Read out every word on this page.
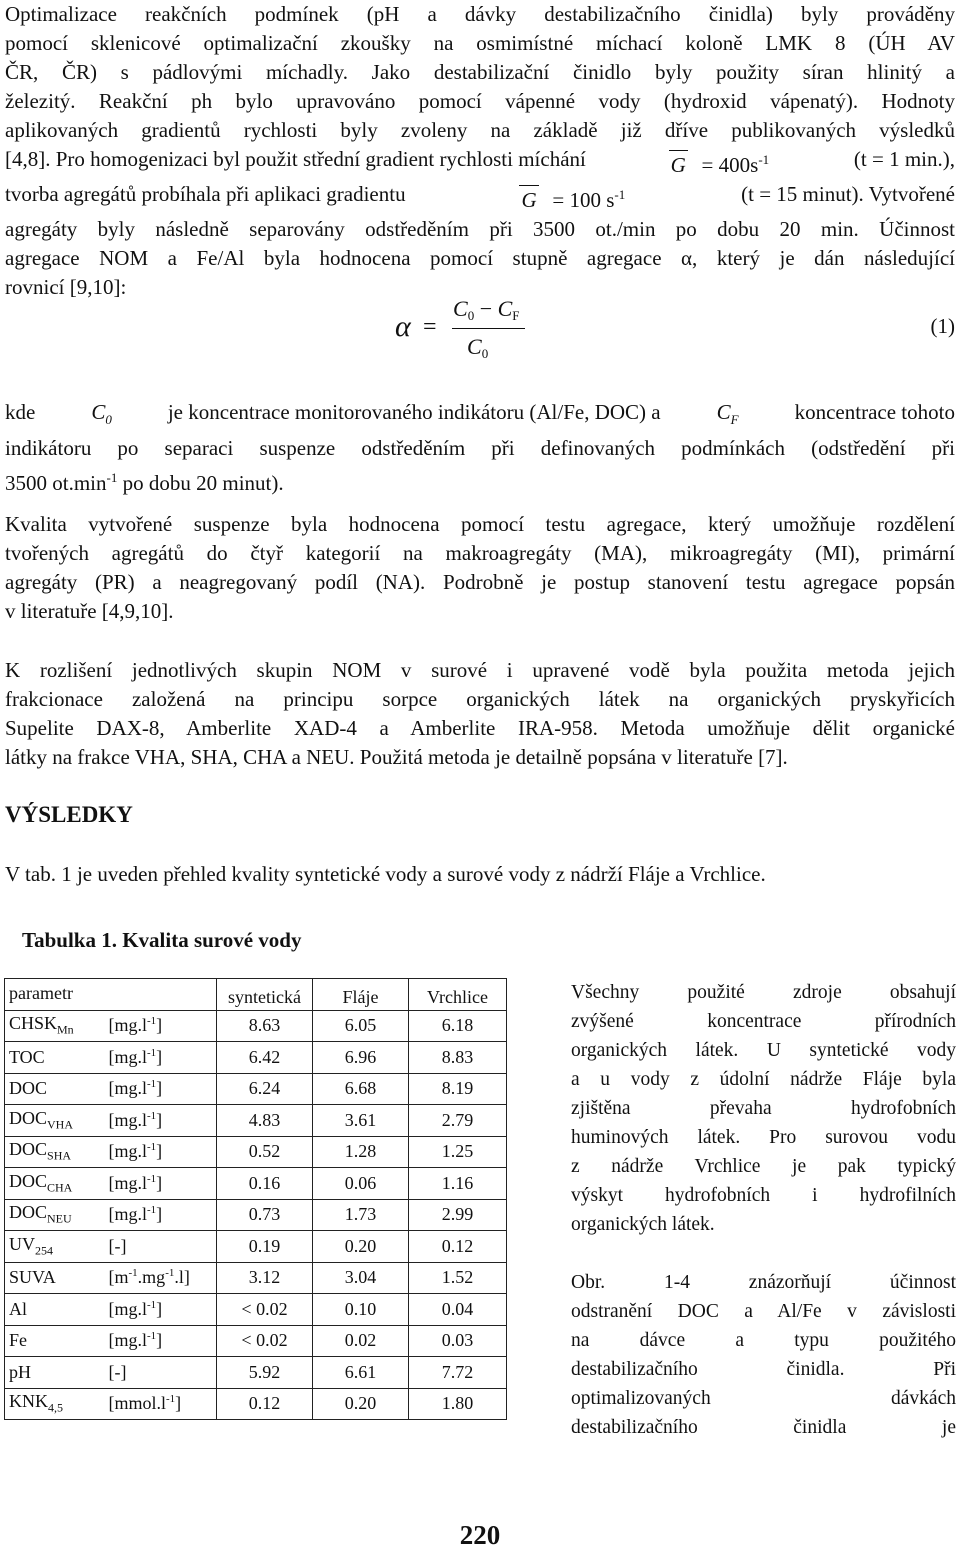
Optimalizace reakčních podmínek (pH a dávky destabilizačního činidla) byly prováděny
pomocí sklenicové optimalizační zkoušky na osmimístné míchací koloně LMK 8 (ÚH AV
ČR, ČR) s pádlovými míchadly. Jako destabilizační činidlo byly použity síran hlinitý a
železitý. Reakční ph bylo upravováno pomocí vápenné vody (hydroxid vápenatý). Hodnoty
aplikovaných gradientů rychlosti byly zvoleny na základě již dříve publikovaných výsledků
[4,8]. Pro homogenizaci byl použit střední gradient rychlosti míchání	$G = 400s^{-1}$	(t = 1 min.),
tvorba agregátů probíhala při aplikaci gradientu	G = 100 $s^{-1}$	(t = 15 minut). Vytvořené
agregáty byly následně separovány odstředěním při 3500 ot./min po dobu 20 min. Účinnost
agregace NOM a Fe/Al byla hodnocena pomocí stupně agregace α, který je dán následující
rovnicí [9,10]:
α =
$C_0 - C_F$
$C_0$
(1)
kde	$C_0$	je koncentrace monitorovaného indikátoru (Al/Fe, DOC) a	$C_F$	koncentrace tohoto
indikátoru po separaci suspenze odstředěním při definovaných podmínkách (odstředění při
3500 $ot.\min^{-1}$ po dobu 20 minut).
Kvalita vytvořené suspenze byla hodnocena pomocí testu agregace, který umožňuje rozdělení
tvořených agregátů do čtyř kategorií na makroagregáty (MA), mikroagregáty (MI), primární
agregáty (PR) a neagregovaný podíl (NA). Podrobně je postup stanovení testu agregace popsán
v literatuře [4,9,10].
K rozlišení jednotlivých skupin NOM v surové i upravené vodě byla použita metoda jejich
frakcionace založená na principu sorpce organických látek na organických pryskyřicích
Supelite DAX-8, Amberlite XAD-4 a Amberlite IRA-958. Metoda umožňuje dělit organické
látky na frakce VHA, SHA, CHA a NEU. Použitá metoda je detailně popsána v literatuře [7].
VÝSLEDKY

V tab. 1 je uveden přehled kvality syntetické vody a surové vody z nádrží Fláje a Vrchlice.

Tabulka 1. Kvalita surové vody

parametr		syntetická	Fláje	Vrchlice
$CHSK_{Mn}$	$[mg.l^{-1}]$	8.63	6.05	6.18
TOC	$[mg.l^{-1}]$	6.42	6.96	8.83
DOC	$[mg.l^{-1}]$	6.24	6.68	8.19
$DOC_{VHA}$	$[mg.l^{-1}]$	4.83	3.61	2.79
$DOC_{SHA}$	$[mg.l^{-1}]$	0.52	1.28	1.25
$DOC_{CHA}$	$[mg.l^{-1}]$	0.16	0.06	1.16
$DOC_{NEU}$	$[mg.l^{-1}]$	0.73	1.73	2.99
$UV_{254}$	[-]	0.19	0.20	0.12
SUVA	$[m^{-1}.mg^{-1}.l]$	3.12	3.04	1.52
Al	$[mg.l^{-1}]$	< 0.02	0.10	0.04
Fe	$[mg.l^{-1}]$	< 0.02	0.02	0.03
pH	[-]	5.92	6.61	7.72
$KNK_{4,5}$	$[mmol.l^{-1}]$	0.12	0.20	1.80
Všechny použité zdroje obsahují
zvýšené koncentrace přírodních
organických látek. U syntetické vody
a u vody z údolní nádrže Fláje byla
zjištěna převaha hydrofobních
huminových látek. Pro surovou vodu
z nádrže Vrchlice je pak typický
výskyt hydrofobních i hydrofilních
organických látek.
Obr. 1-4 znázorňují účinnost
odstranění DOC a Al/Fe v závislosti
na dávce a typu použitého
destabilizačního činidla. Při
optimalizovaných dávkách
destabilizačního činidla je
220
